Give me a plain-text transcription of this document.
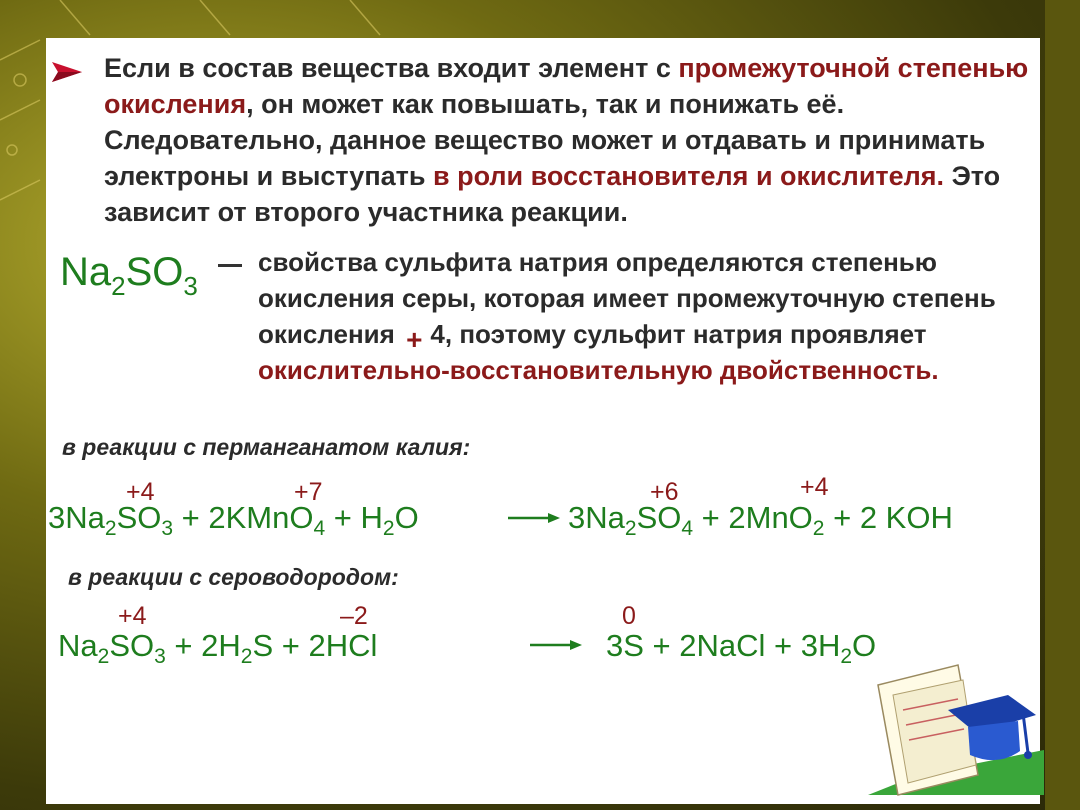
Если в состав вещества входит элемент с промежуточной степенью окисления, он может как повышать, так и понижать её. Следовательно, данное вещество может и отдавать и принимать электроны и выступать в роли восстановителя и окислителя. Это зависит от второго участника реакции.

$Na_2SO_3$

свойства сульфита натрия определяются степенью окисления серы, которая имеет промежуточную степень окисления + 4, поэтому сульфит натрия проявляет окислительно-восстановительную двойственность.

в реакции с перманганатом калия:
+4	+7	+6	+4
$3Na_2SO_3$ + 2KMnO$_4$ + $H_2O$	$3Na_2SO_4 + 2MnO_2 + 2$ KOH
в реакции с сероводородом:
+4	–2	0
$Na_2SO_3 + 2H_2S + 2HCl$	3S + 2NaCl + $3H_2O$
